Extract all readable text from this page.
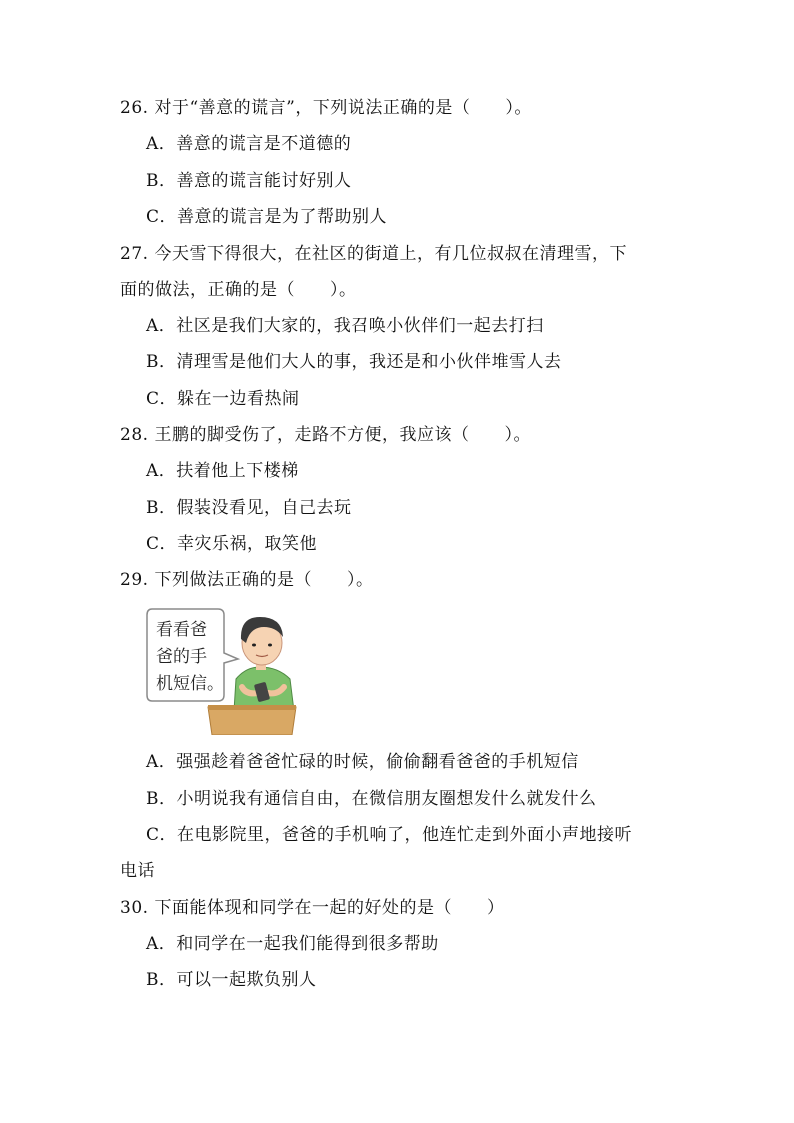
26. 对于“善意的谎言”，下列说法正确的是（　　）。
A．善意的谎言是不道德的
B．善意的谎言能讨好别人
C．善意的谎言是为了帮助别人
27. 今天雪下得很大，在社区的街道上，有几位叔叔在清理雪，下
面的做法，正确的是（　　）。
A．社区是我们大家的，我召唤小伙伴们一起去打扫
B．清理雪是他们大人的事，我还是和小伙伴堆雪人去
C．躲在一边看热闹
28. 王鹏的脚受伤了，走路不方便，我应该（　　）。
A．扶着他上下楼梯
B．假装没看见，自己去玩
C．幸灾乐祸，取笑他
29. 下列做法正确的是（　　）。
看看爸
爸的手
机短信。
A．强强趁着爸爸忙碌的时候，偷偷翻看爸爸的手机短信
B．小明说我有通信自由，在微信朋友圈想发什么就发什么
C．在电影院里，爸爸的手机响了，他连忙走到外面小声地接听
电话
30. 下面能体现和同学在一起的好处的是（　　）
A．和同学在一起我们能得到很多帮助
B．可以一起欺负别人
